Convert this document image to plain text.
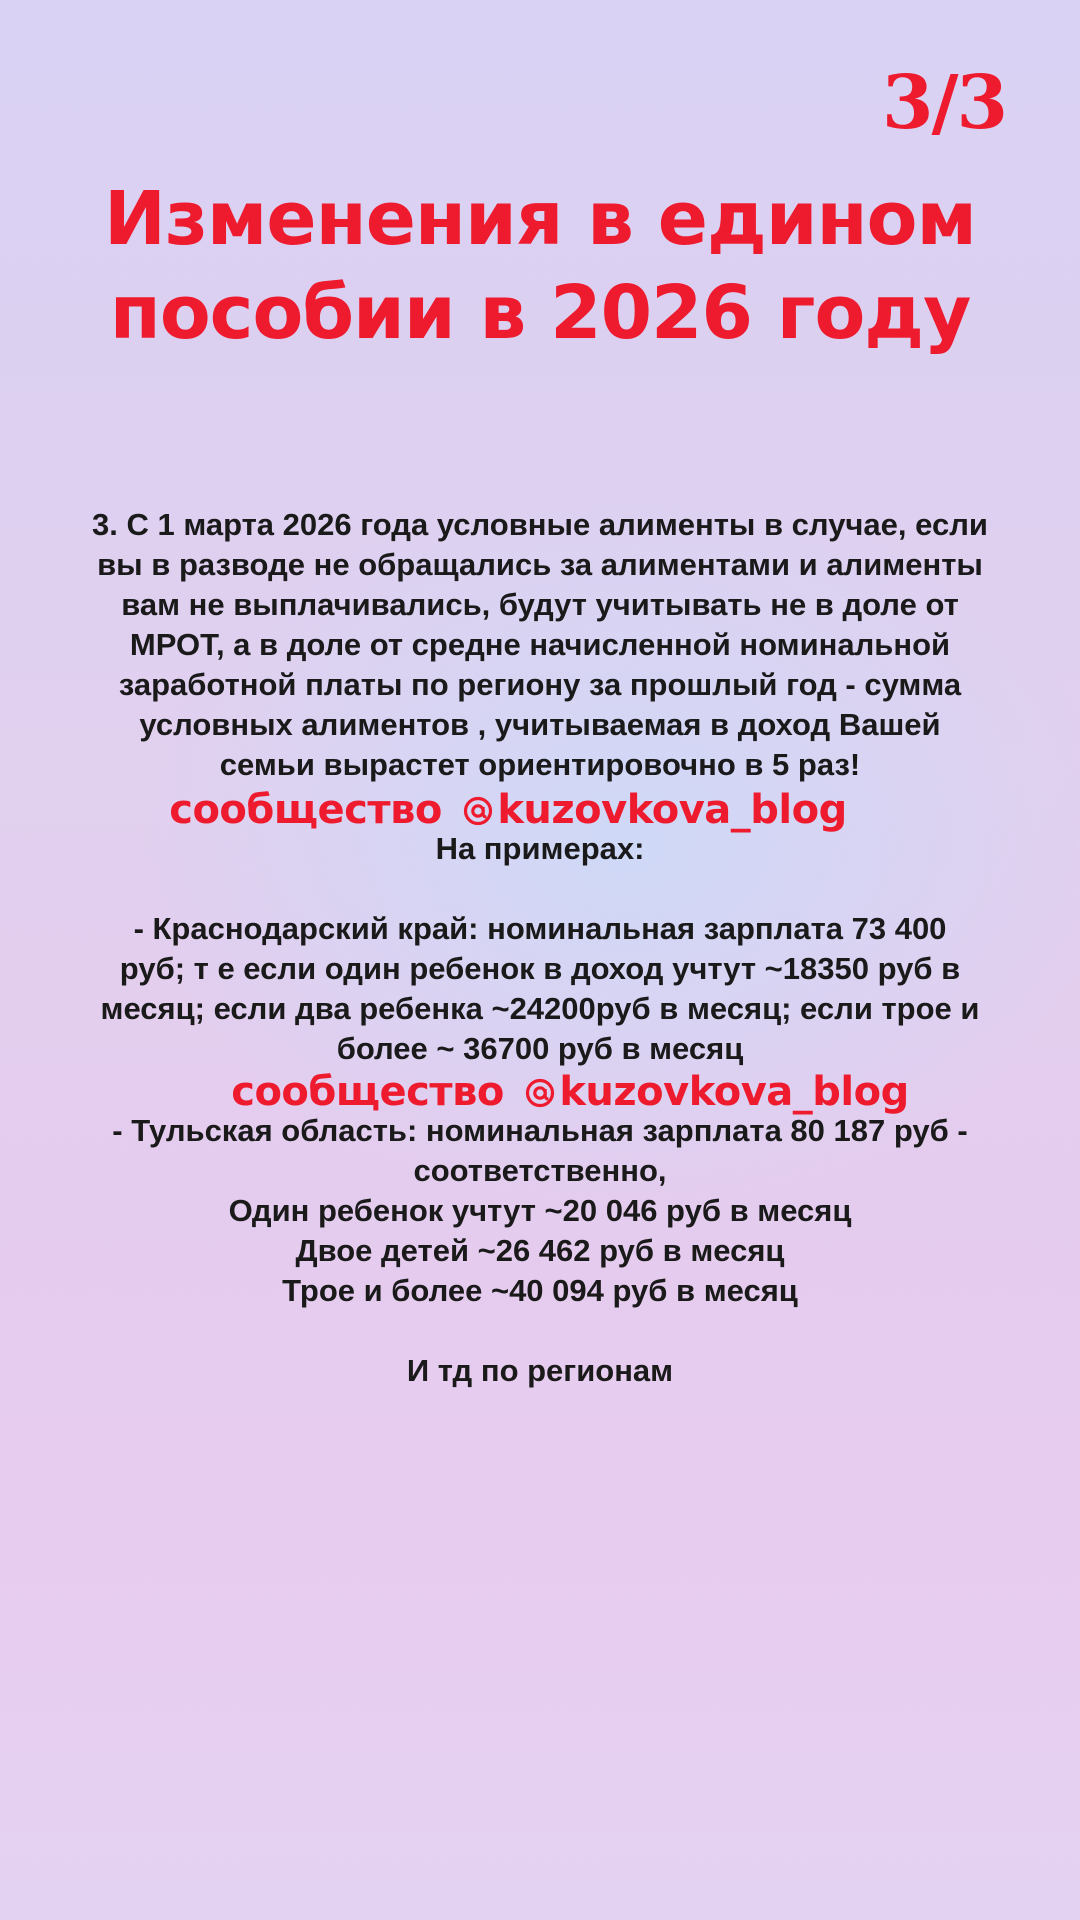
3/3
Изменения в едином
пособии в 2026 году
3. С 1 марта 2026 года условные алименты в случае, если
вы в разводе не обращались за алиментами и алименты
вам не выплачивались, будут учитывать не в доле от
МРОТ, а в доле от средне начисленной номинальной
заработной платы по региону за прошлый год - сумма
условных алиментов , учитываемая в доход Вашей
семьи вырастет ориентировочно в 5 раз!
сообщество kuzovkova_blog
На примерах:
- Краснодарский край: номинальная зарплата 73 400
руб; т е если один ребенок в доход учтут ~18350 руб в
месяц; если два ребенка ~24200руб в месяц; если трое и
более ~ 36700 руб в месяц
сообщество kuzovkova_blog
- Тульская область: номинальная зарплата 80 187 руб -
соответственно,
Один ребенок учтут ~20 046 руб в месяц
Двое детей ~26 462 руб в месяц
Трое и более ~40 094 руб в месяц
И тд по регионам
